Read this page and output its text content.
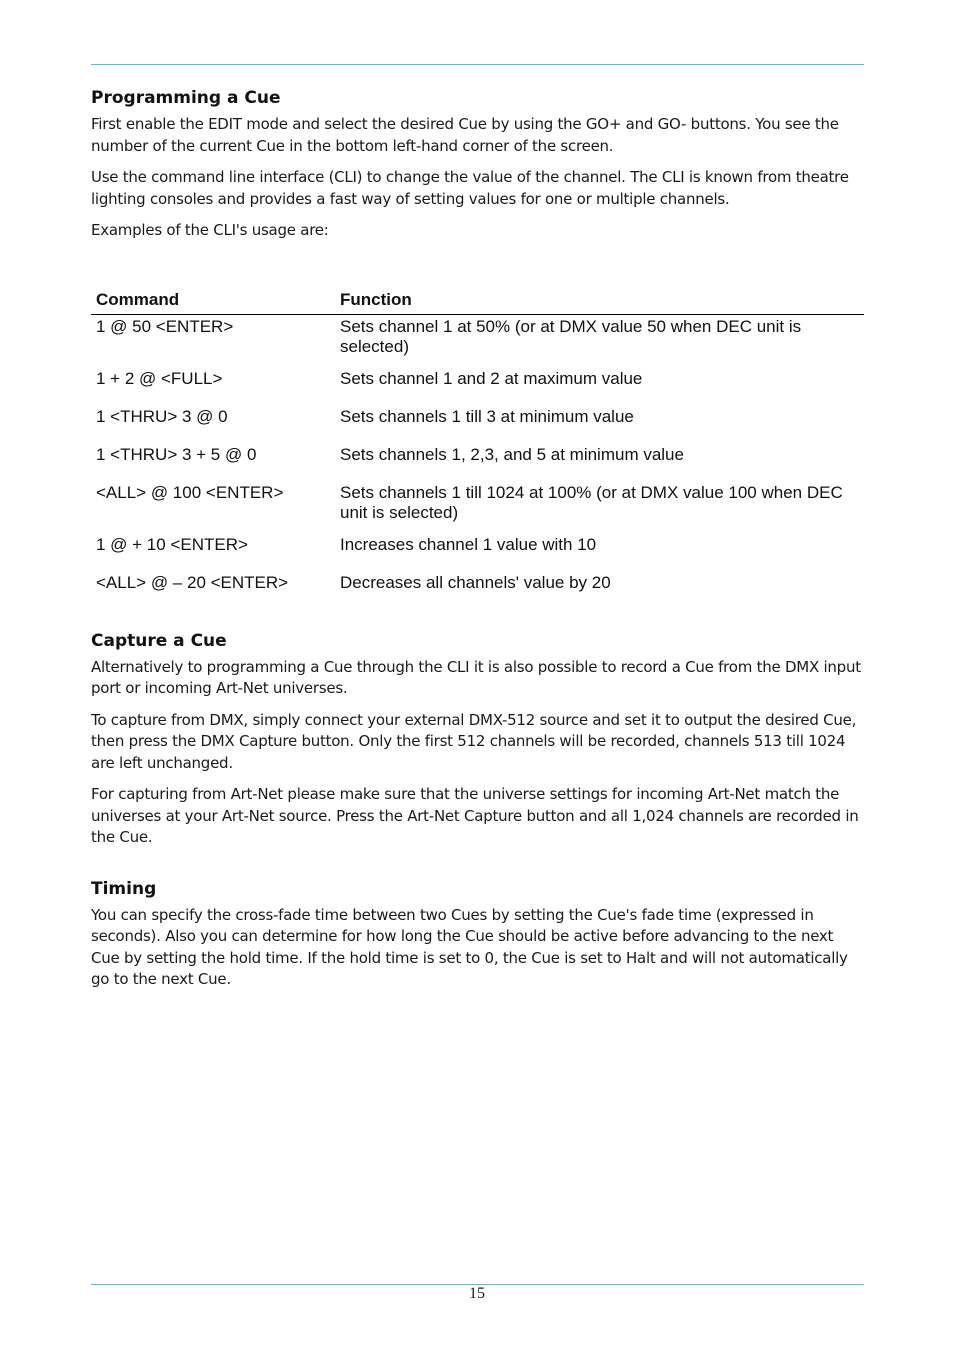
Programming a Cue

First enable the EDIT mode and select the desired Cue by using the GO+ and GO- buttons. You see the number of the current Cue in the bottom left-hand corner of the screen.

Use the command line interface (CLI) to change the value of the channel. The CLI is known from theatre lighting consoles and provides a fast way of setting values for one or multiple channels.

Examples of the CLI's usage are:

Command	Function
1 @ 50 <ENTER>	Sets channel 1 at 50% (or at DMX value 50 when DEC unit is selected)
1 + 2 @ <FULL>	Sets channel 1 and 2 at maximum value
1 <THRU> 3 @ 0	Sets channels 1 till 3 at minimum value
1 <THRU> 3 + 5 @ 0	Sets channels 1, 2,3, and 5 at minimum value
<ALL> @ 100 <ENTER>	Sets channels 1 till 1024 at 100% (or at DMX value 100 when DEC unit is selected)
1 @ + 10 <ENTER>	Increases channel 1 value with 10
<ALL> @ – 20 <ENTER>	Decreases all channels' value by 20
Capture a Cue

Alternatively to programming a Cue through the CLI it is also possible to record a Cue from the DMX input port or incoming Art-Net universes.

To capture from DMX, simply connect your external DMX-512 source and set it to output the desired Cue, then press the DMX Capture button. Only the first 512 channels will be recorded, channels 513 till 1024 are left unchanged.

For capturing from Art-Net please make sure that the universe settings for incoming Art-Net match the universes at your Art-Net source. Press the Art-Net Capture button and all 1,024 channels are recorded in the Cue.

Timing

You can specify the cross-fade time between two Cues by setting the Cue's fade time (expressed in seconds). Also you can determine for how long the Cue should be active before advancing to the next Cue by setting the hold time. If the hold time is set to 0, the Cue is set to Halt and will not automatically go to the next Cue.

15
